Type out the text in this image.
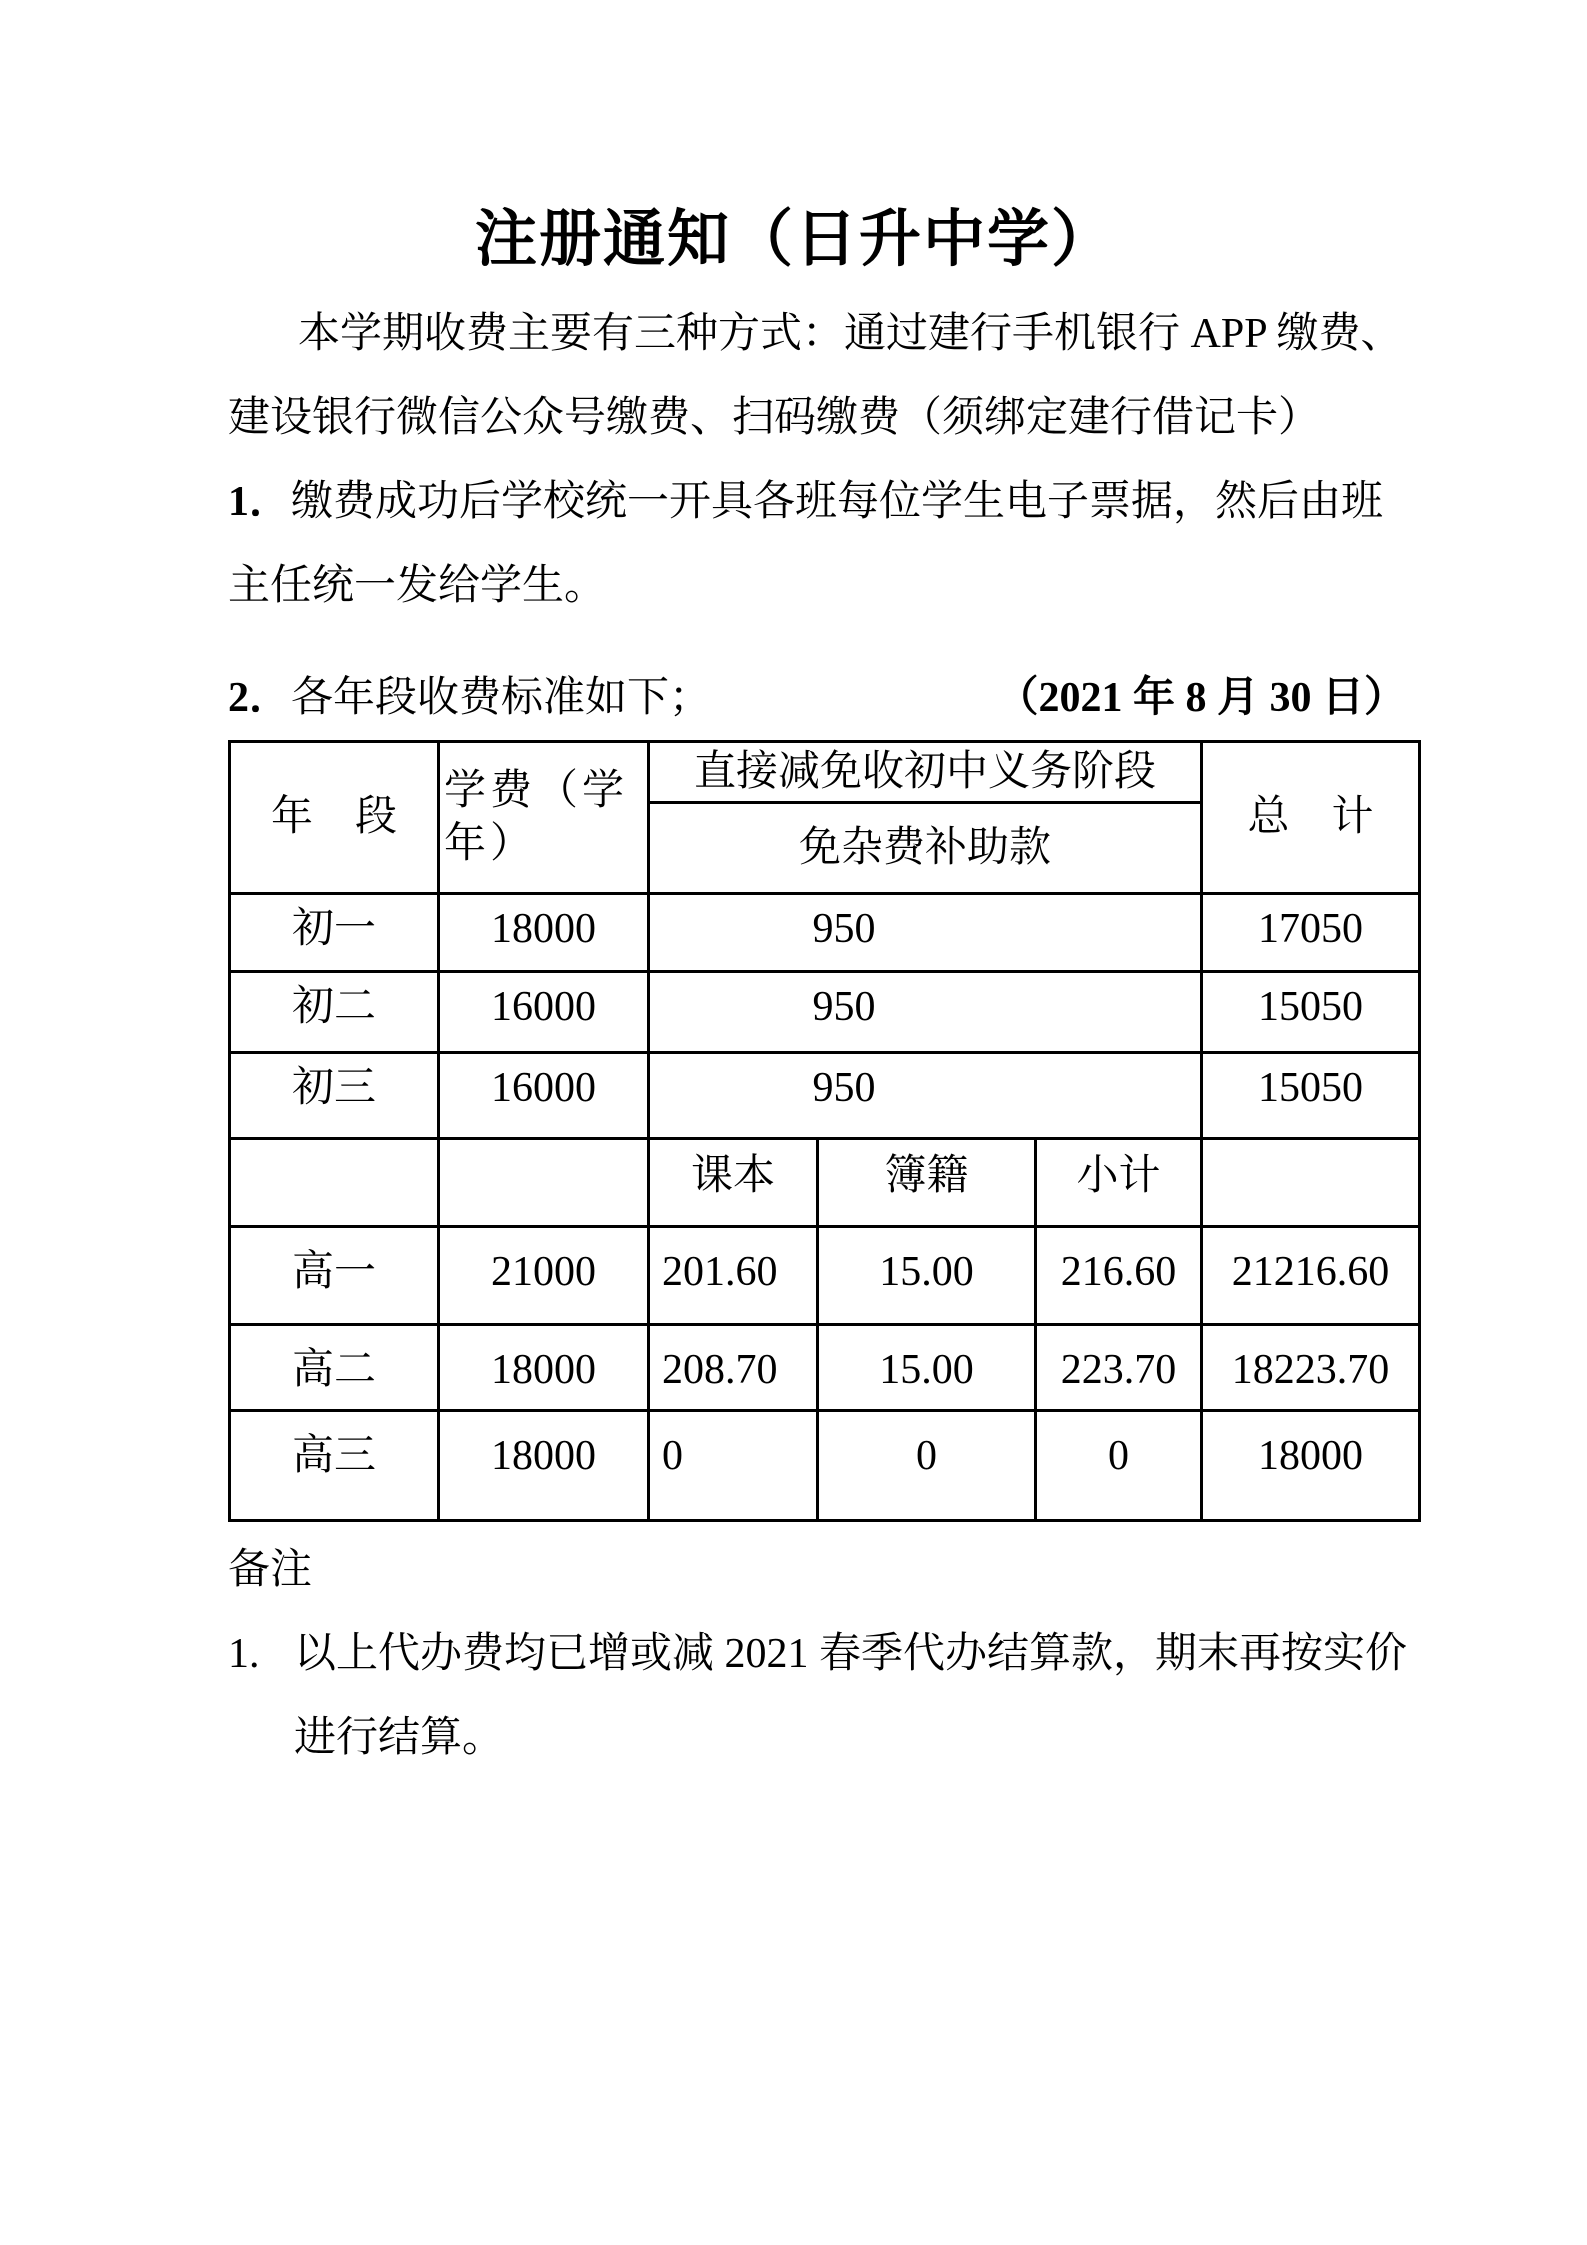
注册通知（日升中学）

本学期收费主要有三种方式：通过建行手机银行 APP 缴费、建设银行微信公众号缴费、扫码缴费（须绑定建行借记卡）

1．缴费成功后学校统一开具各班每位学生电子票据，然后由班主任统一发给学生。

2．各年段收费标准如下；	（2021 年 8 月 30 日）
年　段	学费（学
年）	直接减免收初中义务阶段			总　计
		免杂费补助款			
初一	18000	950			17050
初二	16000	950			15050
初三	16000	950			15050
		课本	簿籍	小计	
高一	21000	201.60	15.00	216.60	21216.60
高二	18000	208.70	15.00	223.70	18223.70
高三	18000	0	0	0	18000

备注

1. 以上代办费均已增或减 2021 春季代办结算款，期末再按实价进行结算。
